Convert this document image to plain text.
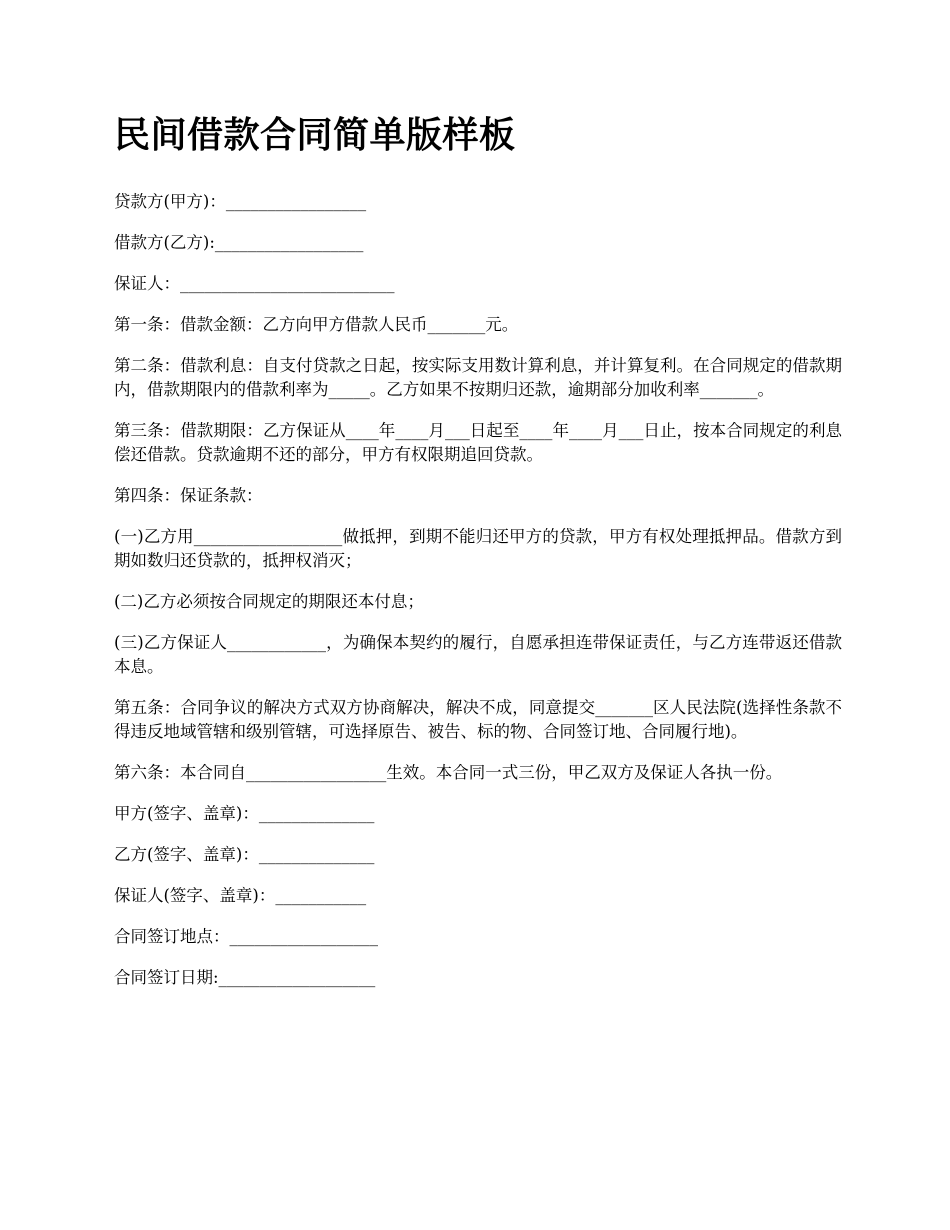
民间借款合同简单版样板

贷款方(甲方)：_________________

借款方(乙方):__________________

保证人：__________________________

第一条：借款金额：乙方向甲方借款人民币_______元。

第二条：借款利息：自支付贷款之日起，按实际支用数计算利息，并计算复利。在合同规定的借款期内，借款期限内的借款利率为_____。乙方如果不按期归还款，逾期部分加收利率_______。

第三条：借款期限：乙方保证从____年____月___日起至____年____月___日止，按本合同规定的利息偿还借款。贷款逾期不还的部分，甲方有权限期追回贷款。

第四条：保证条款：

(一)乙方用__________________做抵押，到期不能归还甲方的贷款，甲方有权处理抵押品。借款方到期如数归还贷款的，抵押权消灭；

(二)乙方必须按合同规定的期限还本付息；

(三)乙方保证人____________，为确保本契约的履行，自愿承担连带保证责任，与乙方连带返还借款本息。

第五条：合同争议的解决方式双方协商解决，解决不成，同意提交_______区人民法院(选择性条款不得违反地域管辖和级别管辖，可选择原告、被告、标的物、合同签订地、合同履行地)。

第六条：本合同自_________________生效。本合同一式三份，甲乙双方及保证人各执一份。

甲方(签字、盖章)：______________

乙方(签字、盖章)：______________

保证人(签字、盖章)：___________

合同签订地点：__________________

合同签订日期:___________________
